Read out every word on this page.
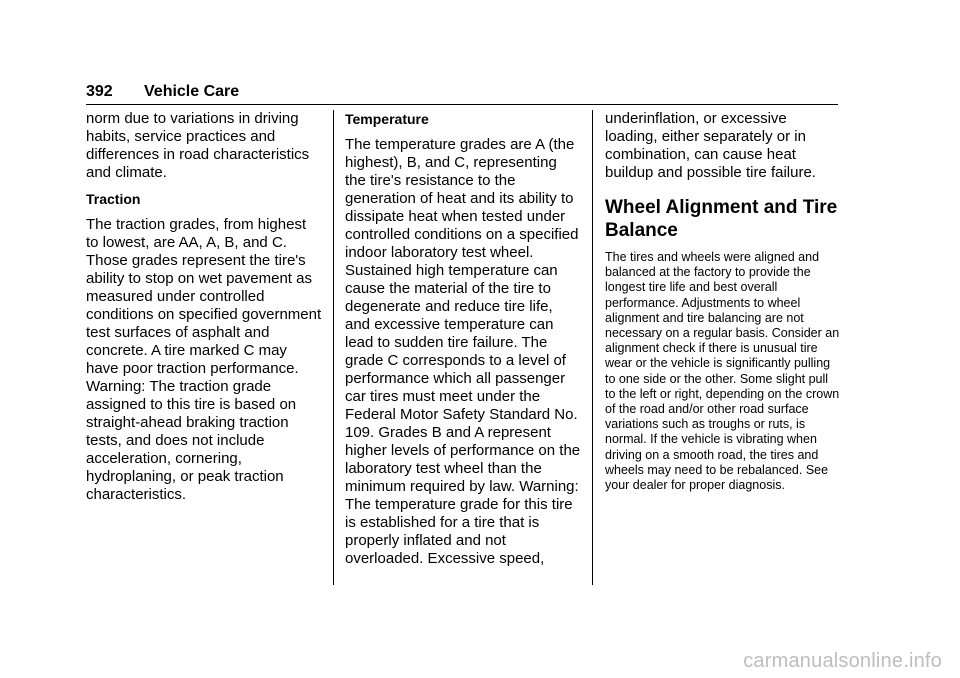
392 Vehicle Care

norm due to variations in driving habits, service practices and differences in road characteristics and climate.

Traction

The traction grades, from highest to lowest, are AA, A, B, and C. Those grades represent the tire's ability to stop on wet pavement as measured under controlled conditions on specified government test surfaces of asphalt and concrete. A tire marked C may have poor traction performance. Warning: The traction grade assigned to this tire is based on straight-ahead braking traction tests, and does not include acceleration, cornering, hydroplaning, or peak traction characteristics.

Temperature

The temperature grades are A (the highest), B, and C, representing the tire's resistance to the generation of heat and its ability to dissipate heat when tested under controlled conditions on a specified indoor laboratory test wheel. Sustained high temperature can cause the material of the tire to degenerate and reduce tire life, and excessive temperature can lead to sudden tire failure. The grade C corresponds to a level of performance which all passenger car tires must meet under the Federal Motor Safety Standard No. 109. Grades B and A represent higher levels of performance on the laboratory test wheel than the minimum required by law. Warning: The temperature grade for this tire is established for a tire that is properly inflated and not overloaded. Excessive speed,

underinflation, or excessive loading, either separately or in combination, can cause heat buildup and possible tire failure.

Wheel Alignment and Tire Balance

The tires and wheels were aligned and balanced at the factory to provide the longest tire life and best overall performance. Adjustments to wheel alignment and tire balancing are not necessary on a regular basis. Consider an alignment check if there is unusual tire wear or the vehicle is significantly pulling to one side or the other. Some slight pull to the left or right, depending on the crown of the road and/or other road surface variations such as troughs or ruts, is normal. If the vehicle is vibrating when driving on a smooth road, the tires and wheels may need to be rebalanced. See your dealer for proper diagnosis.

carmanualsonline.info
